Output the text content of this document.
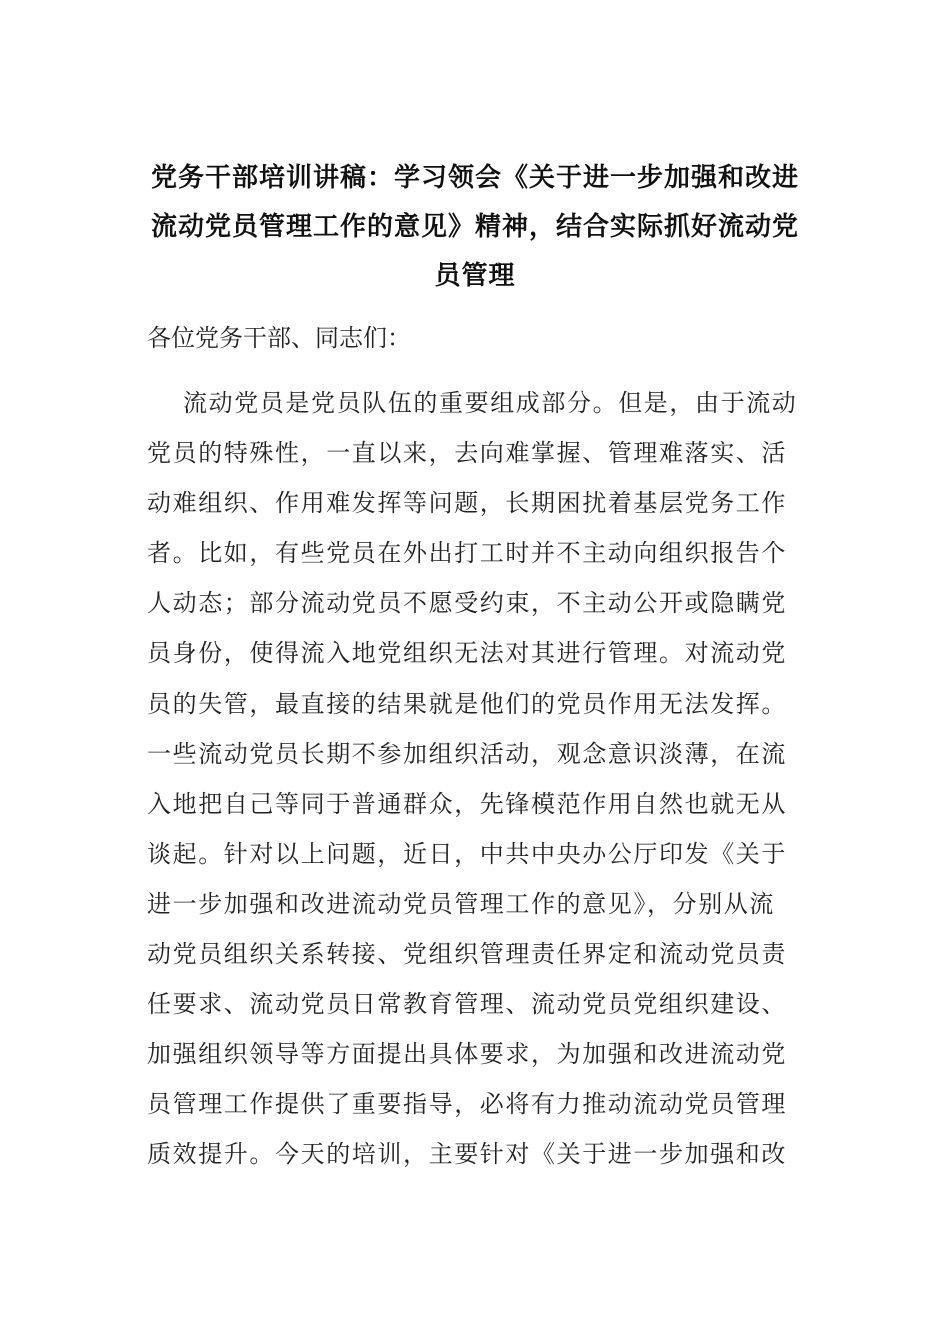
党务干部培训讲稿：学习领会《关于进一步加强和改进流动党员管理工作的意见》精神，结合实际抓好流动党员管理

各位党务干部、同志们：

流动党员是党员队伍的重要组成部分。但是，由于流动
党员的特殊性，一直以来，去向难掌握、管理难落实、活
动难组织、作用难发挥等问题，长期困扰着基层党务工作
者。比如，有些党员在外出打工时并不主动向组织报告个
人动态；部分流动党员不愿受约束，不主动公开或隐瞒党
员身份，使得流入地党组织无法对其进行管理。对流动党
员的失管，最直接的结果就是他们的党员作用无法发挥。
一些流动党员长期不参加组织活动，观念意识淡薄，在流
入地把自己等同于普通群众，先锋模范作用自然也就无从
谈起。针对以上问题，近日，中共中央办公厅印发《关于
进一步加强和改进流动党员管理工作的意见》，分别从流
动党员组织关系转接、党组织管理责任界定和流动党员责
任要求、流动党员日常教育管理、流动党员党组织建设、
加强组织领导等方面提出具体要求，为加强和改进流动党
员管理工作提供了重要指导，必将有力推动流动党员管理
质效提升。今天的培训，主要针对《关于进一步加强和改
